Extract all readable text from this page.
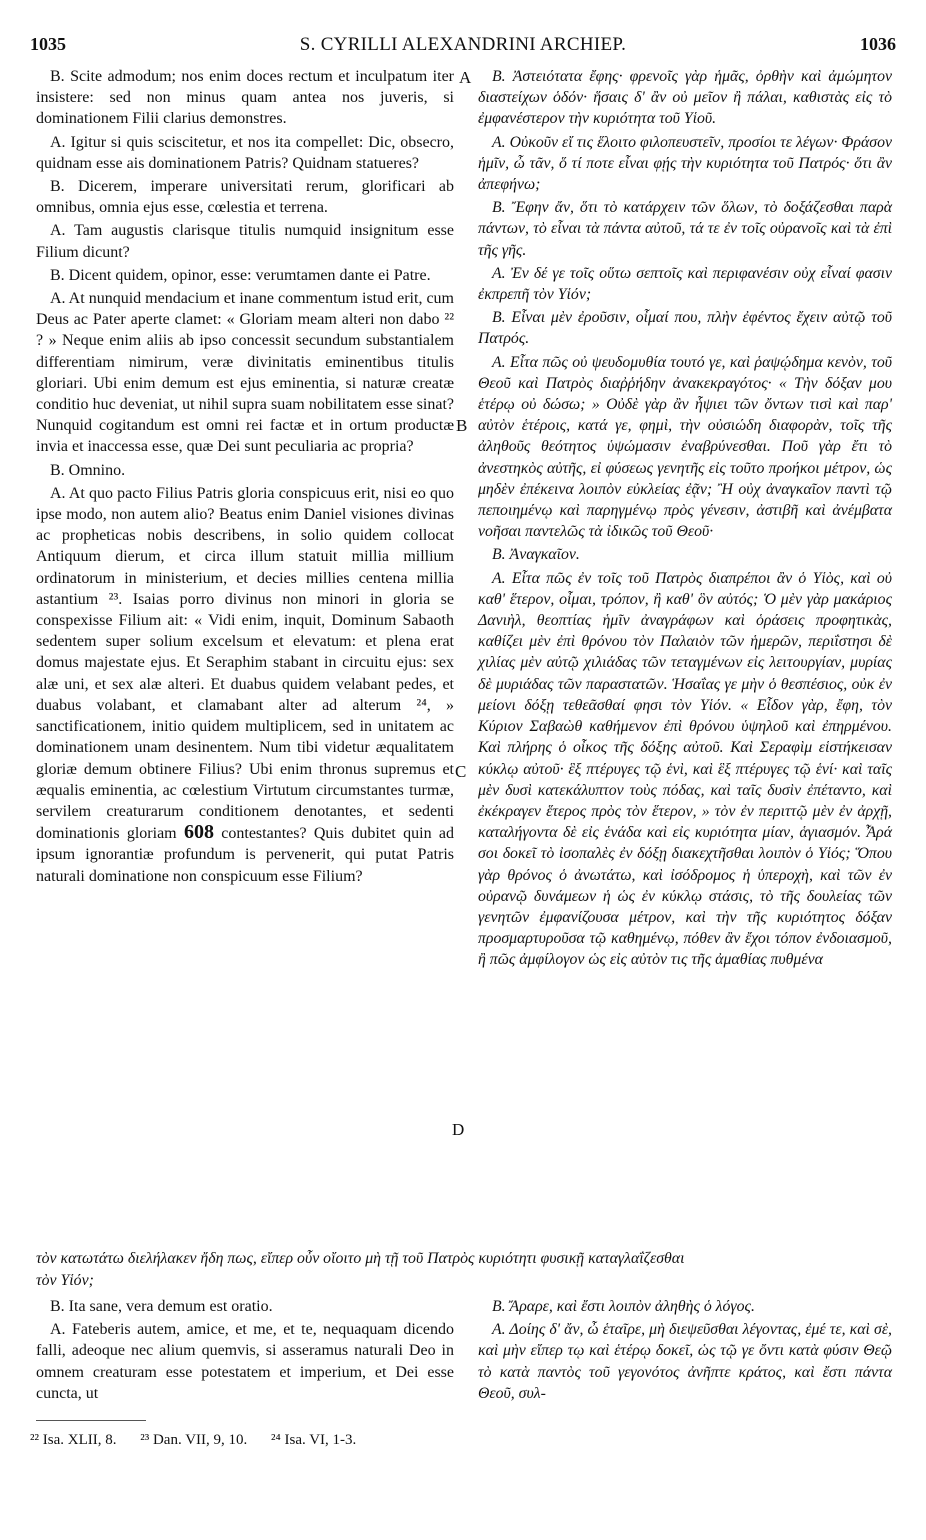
1035	S. CYRILLI ALEXANDRINI ARCHIEP.	1036
A
B
C
D

B. Scite admodum; nos enim doces rectum et inculpatum iter insistere: sed non minus quam antea nos juveris, si dominationem Filii clarius demonstres.

A. Igitur si quis sciscitetur, et nos ita compellet: Dic, obsecro, quidnam esse ais dominationem Patris? Quidnam statueres?

B. Dicerem, imperare universitati rerum, glorificari ab omnibus, omnia ejus esse, cœlestia et terrena.

A. Tam augustis clarisque titulis numquid insignitum esse Filium dicunt?

B. Dicent quidem, opinor, esse: verumtamen dante ei Patre.

A. At nunquid mendacium et inane commentum istud erit, cum Deus ac Pater aperte clamet: « Gloriam meam alteri non dabo ²² ? » Neque enim aliis ab ipso concessit secundum substantialem differentiam nimirum, veræ divinitatis eminentibus titulis gloriari. Ubi enim demum est ejus eminentia, si naturæ creatæ conditio huc deveniat, ut nihil supra suam nobilitatem esse sinat? Nunquid cogitandum est omni rei factæ et in ortum productæ invia et inaccessa esse, quæ Dei sunt peculiaria ac propria?

B. Omnino.

A. At quo pacto Filius Patris gloria conspicuus erit, nisi eo quo ipse modo, non autem alio? Beatus enim Daniel visiones divinas ac propheticas nobis describens, in solio quidem collocat Antiquum dierum, et circa illum statuit millia millium ordinatorum in ministerium, et decies millies centena millia astantium ²³. Isaias porro divinus non minori in gloria se conspexisse Filium ait: « Vidi enim, inquit, Dominum Sabaoth sedentem super solium excelsum et elevatum: et plena erat domus majestate ejus. Et Seraphim stabant in circuitu ejus: sex alæ uni, et sex alæ alteri. Et duabus quidem velabant pedes, et duabus volabant, et clamabant alter ad alterum ²⁴, » sanctificationem, initio quidem multiplicem, sed in unitatem ac dominationem unam desinentem. Num tibi videtur æqualitatem gloriæ demum obtinere Filius? Ubi enim thronus supremus et æqualis eminentia, ac cœlestium Virtutum circumstantes turmæ, servilem creaturarum conditionem denotantes, et sedenti dominationis gloriam 608 contestantes? Quis dubitet quin ad ipsum ignorantiæ profundum is pervenerit, qui putat Patris naturali dominatione non conspicuum esse Filium?

Β. Ἀστειότατα ἔφης· φρενοῖς γὰρ ἡμᾶς, ὀρθὴν καὶ ἀμώμητον διαστείχων ὁδόν· ἥσαις δ' ἂν οὐ μεῖον ἢ πάλαι, καθιστὰς εἰς τὸ ἐμφανέστερον τὴν κυριότητα τοῦ Υἱοῦ.

Α. Οὐκοῦν εἴ τις ἕλοιτο φιλοπευστεῖν, προσίοι τε λέγων· Φράσον ἡμῖν, ὦ τᾶν, ὅ τί ποτε εἶναι φῄς τὴν κυριότητα τοῦ Πατρός· ὅτι ἂν ἀπεφήνω;

Β. Ἔφην ἄν, ὅτι τὸ κατάρχειν τῶν ὅλων, τὸ δοξάζεσθαι παρὰ πάντων, τὸ εἶναι τὰ πάντα αὐτοῦ, τά τε ἐν τοῖς οὐρανοῖς καὶ τὰ ἐπὶ τῆς γῆς.

Α. Ἐν δέ γε τοῖς οὕτω σεπτοῖς καὶ περιφανέσιν οὐχ εἶναί φασιν ἐκπρεπῆ τὸν Υἱόν;

Β. Εἶναι μὲν ἐροῦσιν, οἶμαί που, πλὴν ἐφέντος ἔχειν αὐτῷ τοῦ Πατρός.

Α. Εἶτα πῶς οὐ ψευδομυθία τουτό γε, καὶ ῥαψῴδημα κενὸν, τοῦ Θεοῦ καὶ Πατρὸς διαῤῥήδην ἀνακεκραγότος· « Τὴν δόξαν μου ἑτέρῳ οὐ δώσω; » Οὐδὲ γὰρ ἂν ἧψιει τῶν ὄντων τισὶ καὶ παρ' αὐτὸν ἑτέροις, κατά γε, φημὶ, τὴν οὐσιώδη διαφορὰν, τοῖς τῆς ἀληθοῦς θεότητος ὑψώμασιν ἐναβρύνεσθαι. Ποῦ γὰρ ἔτι τὸ ἀνεστηκὸς αὐτῆς, εἰ φύσεως γενητῆς εἰς τοῦτο προήκοι μέτρον, ὡς μηδὲν ἐπέκεινα λοιπὸν εὐκλείας ἐᾷν; Ἢ οὐχ ἀναγκαῖον παντὶ τῷ πεποιημένῳ καὶ παρηγμένῳ πρὸς γένεσιν, ἀστιβῆ καὶ ἀνέμβατα νοῆσαι παντελῶς τὰ ἰδικῶς τοῦ Θεοῦ·

Β. Ἀναγκαῖον.

Α. Εἶτα πῶς ἐν τοῖς τοῦ Πατρὸς διαπρέποι ἂν ὁ Υἱὸς, καὶ οὐ καθ' ἕτερον, οἶμαι, τρόπον, ἢ καθ' ὃν αὐτός; Ὁ μὲν γὰρ μακάριος Δανιὴλ, θεοπτίας ἡμῖν ἀναγράφων καὶ ὁράσεις προφητικὰς, καθίζει μὲν ἐπὶ θρόνου τὸν Παλαιὸν τῶν ἡμερῶν, περιΐστησι δὲ χιλίας μὲν αὐτῷ χιλιάδας τῶν τεταγμένων εἰς λειτουργίαν, μυρίας δὲ μυριάδας τῶν παραστατῶν. Ἡσαΐας γε μὴν ὁ θεσπέσιος, οὐκ ἐν μείονι δόξῃ τεθεᾶσθαί φησι τὸν Υἱόν. « Εἶδον γὰρ, ἔφη, τὸν Κύριον Σαβαὼθ καθήμενον ἐπὶ θρόνου ὑψηλοῦ καὶ ἐπηρμένου. Καὶ πλήρης ὁ οἶκος τῆς δόξης αὐτοῦ. Καὶ Σεραφὶμ εἱστήκεισαν κύκλῳ αὐτοῦ· ἓξ πτέρυγες τῷ ἑνὶ, καὶ ἓξ πτέρυγες τῷ ἑνί· καὶ ταῖς μὲν δυσὶ κατεκάλυπτον τοὺς πόδας, καὶ ταῖς δυσὶν ἐπέταντο, καὶ ἐκέκραγεν ἕτερος πρὸς τὸν ἕτερον, » τὸν ἐν περιττῷ μὲν ἐν ἀρχῇ, καταλήγοντα δὲ εἰς ἑνάδα καὶ εἰς κυριότητα μίαν, ἁγιασμόν. Ἆρά σοι δοκεῖ τὸ ἰσοπαλὲς ἐν δόξῃ διακεχτῆσθαι λοιπὸν ὁ Υἱός; Ὅπου γὰρ θρόνος ὁ ἀνωτάτω, καὶ ἰσόδρομος ἡ ὑπεροχὴ, καὶ τῶν ἐν οὐρανῷ δυνάμεων ἡ ὡς ἐν κύκλῳ στάσις, τὸ τῆς δουλείας τῶν γενητῶν ἐμφανίζουσα μέτρον, καὶ τὴν τῆς κυριότητος δόξαν προσμαρτυροῦσα τῷ καθημένῳ, πόθεν ἂν ἔχοι τόπον ἐνδοιασμοῦ, ἢ πῶς ἀμφίλογον ὡς εἰς αὐτὸν τις τῆς ἀμαθίας πυθμένα

τὸν κατωτάτω διελήλακεν ἤδη πως, εἴπερ οὖν οἴοιτο μὴ τῇ τοῦ Πατρὸς κυριότητι φυσικῇ καταγλαΐζεσθαι
τὸν Υἱόν;

B. Ita sane, vera demum est oratio.

A. Fateberis autem, amice, et me, et te, nequaquam dicendo falli, adeoque nec alium quemvis, si asseramus naturali Deo in omnem creaturam esse potestatem et imperium, et Dei esse cuncta, ut

Β. Ἄραρε, καὶ ἔστι λοιπὸν ἀληθὴς ὁ λόγος.

Α. Δοίης δ' ἄν, ὦ ἑταῖρε, μὴ διεψεῦσθαι λέγοντας, ἐμέ τε, καὶ σὲ, καὶ μὴν εἴπερ τῳ καὶ ἑτέρῳ δοκεῖ, ὡς τῷ γε ὄντι κατὰ φύσιν Θεῷ τὸ κατὰ παντὸς τοῦ γεγονότος ἀνῆπτε κράτος, καὶ ἔστι πάντα Θεοῦ, συλ-

²² Isa. XLII, 8. ²³ Dan. VII, 9, 10. ²⁴ Isa. VI, 1-3.
